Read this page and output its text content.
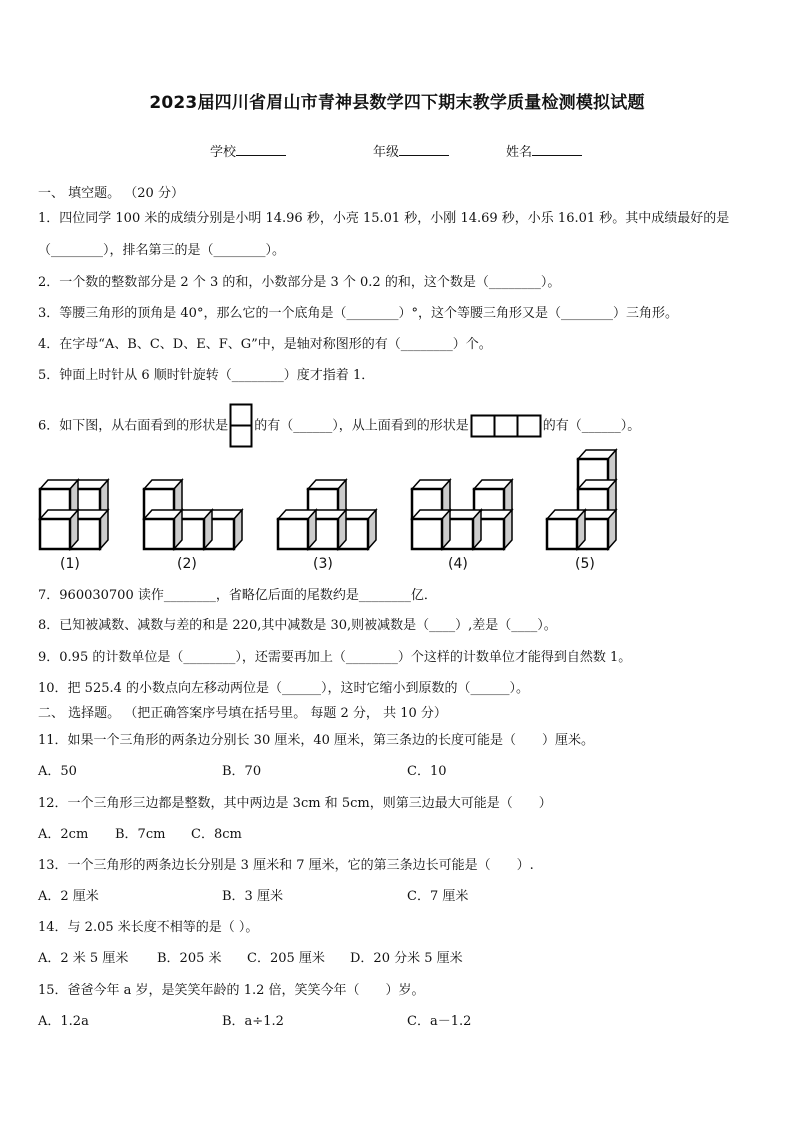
2023届四川省眉山市青神县数学四下期末教学质量检测模拟试题
学校	年级	姓名
一、 填空题。 （20 分）
1．四位同学 100 米的成绩分别是小明 14.96 秒，小亮 15.01 秒，小刚 14.69 秒，小乐 16.01 秒。其中成绩最好的是
（________），排名第三的是（________）。
2．一个数的整数部分是 2 个 3 的和，小数部分是 3 个 0.2 的和，这个数是（________）。
3．等腰三角形的顶角是 40°，那么它的一个底角是（________）°，这个等腰三角形又是（________）三角形。
4．在字母“A、B、C、D、E、F、G”中，是轴对称图形的有（________）个。
5．钟面上时针从 6 顺时针旋转（________）度才指着 1．
6．如下图，从右面看到的形状是 的有（______），从上面看到的形状是	的有（______）。
(1)	(2)	(3)	(4)	(5)
7．960030700 读作________，省略亿后面的尾数约是________亿．
8．已知被减数、减数与差的和是 220,其中减数是 30,则被减数是（____）,差是（____）。
9．0.95 的计数单位是（________），还需要再加上（________）个这样的计数单位才能得到自然数 1。
10．把 525.4 的小数点向左移动两位是（______），这时它缩小到原数的（______）。
二、 选择题。 （把正确答案序号填在括号里。 每题 2 分， 共 10 分）
11．如果一个三角形的两条边分别长 30 厘米，40 厘米，第三条边的长度可能是（　　）厘米。
A．50	B．70	C．10
12．一个三角形三边都是整数，其中两边是 3cm 和 5cm，则第三边最大可能是（　　）
A．2cm B．7cm C．8cm
13．一个三角形的两条边长分别是 3 厘米和 7 厘米，它的第三条边长可能是（　　）.
A．2 厘米	B．3 厘米	C．7 厘米
14．与 2.05 米长度不相等的是（ ）。
A．2 米 5 厘米 B．205 米 C．205 厘米 D．20 分米 5 厘米
15．爸爸今年 a 岁，是笑笑年龄的 1.2 倍，笑笑今年（　　）岁。
A．1.2a	B．a÷1.2	C．a－1.2
